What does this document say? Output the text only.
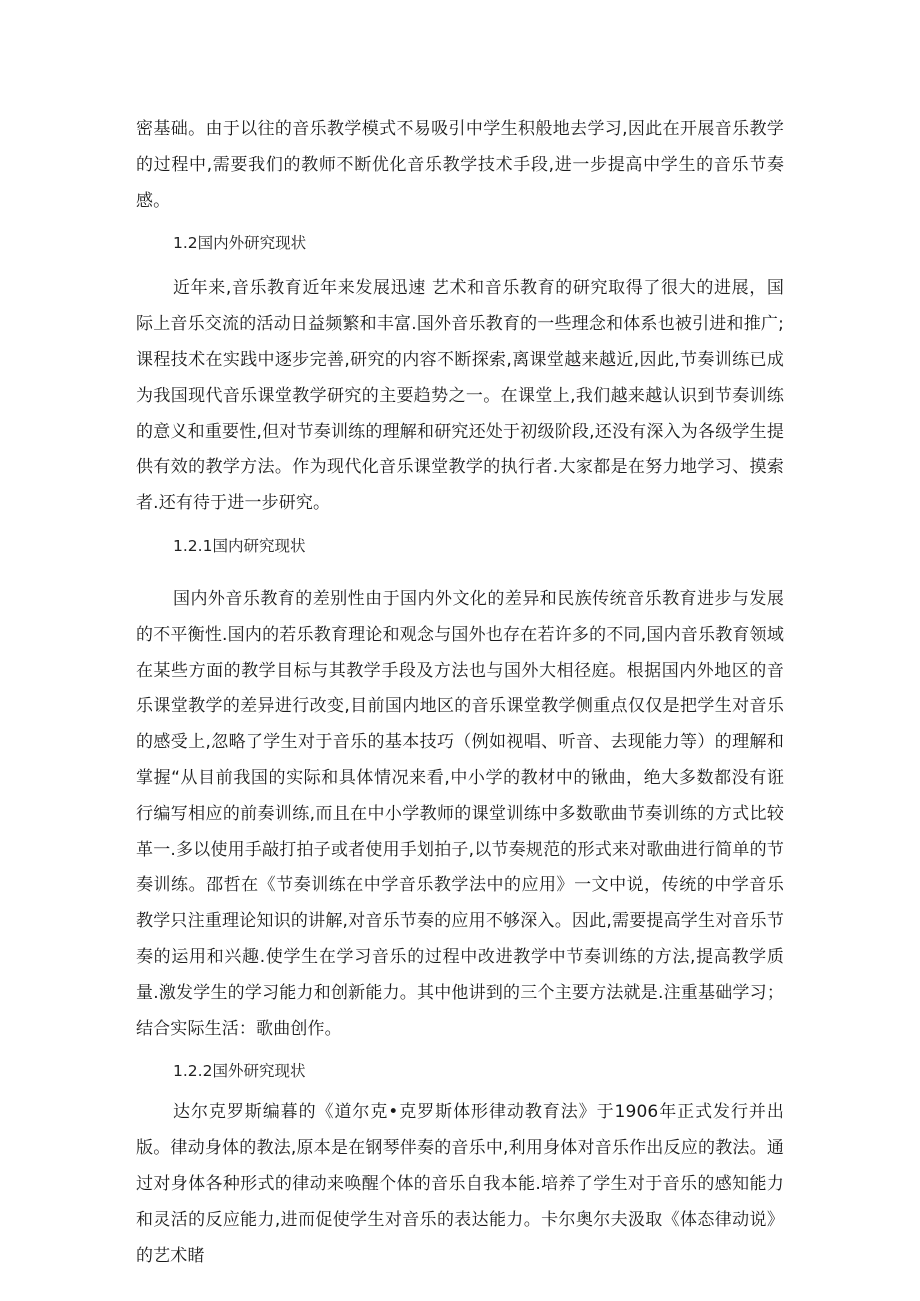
密基础。由于以往的音乐教学模式不易吸引中学生积般地去学习,因此在开展音乐教学的过程中,需要我们的教师不断优化音乐教学技术手段,进一步提高中学生的音乐节奏感。

1.2国内外研究现状

近年来,音乐教育近年来发展迅速 艺术和音乐教育的研究取得了很大的进展，国际上音乐交流的活动日益频繁和丰富.国外音乐教育的一些理念和体系也被引进和推广;课程技术在实践中逐步完善,研究的内容不断探索,离课堂越来越近,因此,节奏训练已成为我国现代音乐课堂教学研究的主要趋势之一。在课堂上,我们越来越认识到节奏训练的意义和重要性,但对节奏训练的理解和研究还处于初级阶段,还没有深入为各级学生提供有效的教学方法。作为现代化音乐课堂教学的执行者.大家都是在努力地学习、摸索者.还有待于进一步研究。

1.2.1国内研究现状

国内外音乐教育的差别性由于国内外文化的差异和民族传统音乐教育进步与发展的不平衡性.国内的若乐教育理论和观念与国外也存在若许多的不同,国内音乐教育领域在某些方面的教学目标与其教学手段及方法也与国外大相径庭。根据国内外地区的音乐课堂教学的差异进行改变,目前国内地区的音乐课堂教学侧重点仅仅是把学生对音乐的感受上,忽略了学生对于音乐的基本技巧（例如视唱、听音、去现能力等）的理解和掌握“从目前我国的实际和具体情况来看,中小学的教材中的锹曲，绝大多数都没有诳行编写相应的前奏训练,而且在中小学教师的课堂训练中多数歌曲节奏训练的方式比较革一.多以使用手敲打拍子或者使用手划拍子,以节奏规范的形式来对歌曲进行简单的节奏训练。邵哲在《节奏训练在中学音乐教学法中的应用》一文中说，传统的中学音乐教学只注重理论知识的讲解,对音乐节奏的应用不够深入。因此,需要提高学生对音乐节奏的运用和兴趣.使学生在学习音乐的过程中改进教学中节奏训练的方法,提高教学质量.激发学生的学习能力和创新能力。其中他讲到的三个主要方法就是.注重基础学习；结合实际生活：歌曲创作。

1.2.2国外研究现状

达尔克罗斯编暮的《道尔克•克罗斯体形律动教育法》于1906年正式发行并出版。律动身体的教法,原本是在钢琴伴奏的音乐中,利用身体对音乐作出反应的教法。通过对身体各种形式的律动来唤醒个体的音乐自我本能.培养了学生对于音乐的感知能力和灵活的反应能力,进而促使学生对音乐的表达能力。卡尔奥尔夫汲取《体态律动说》的艺术睹
